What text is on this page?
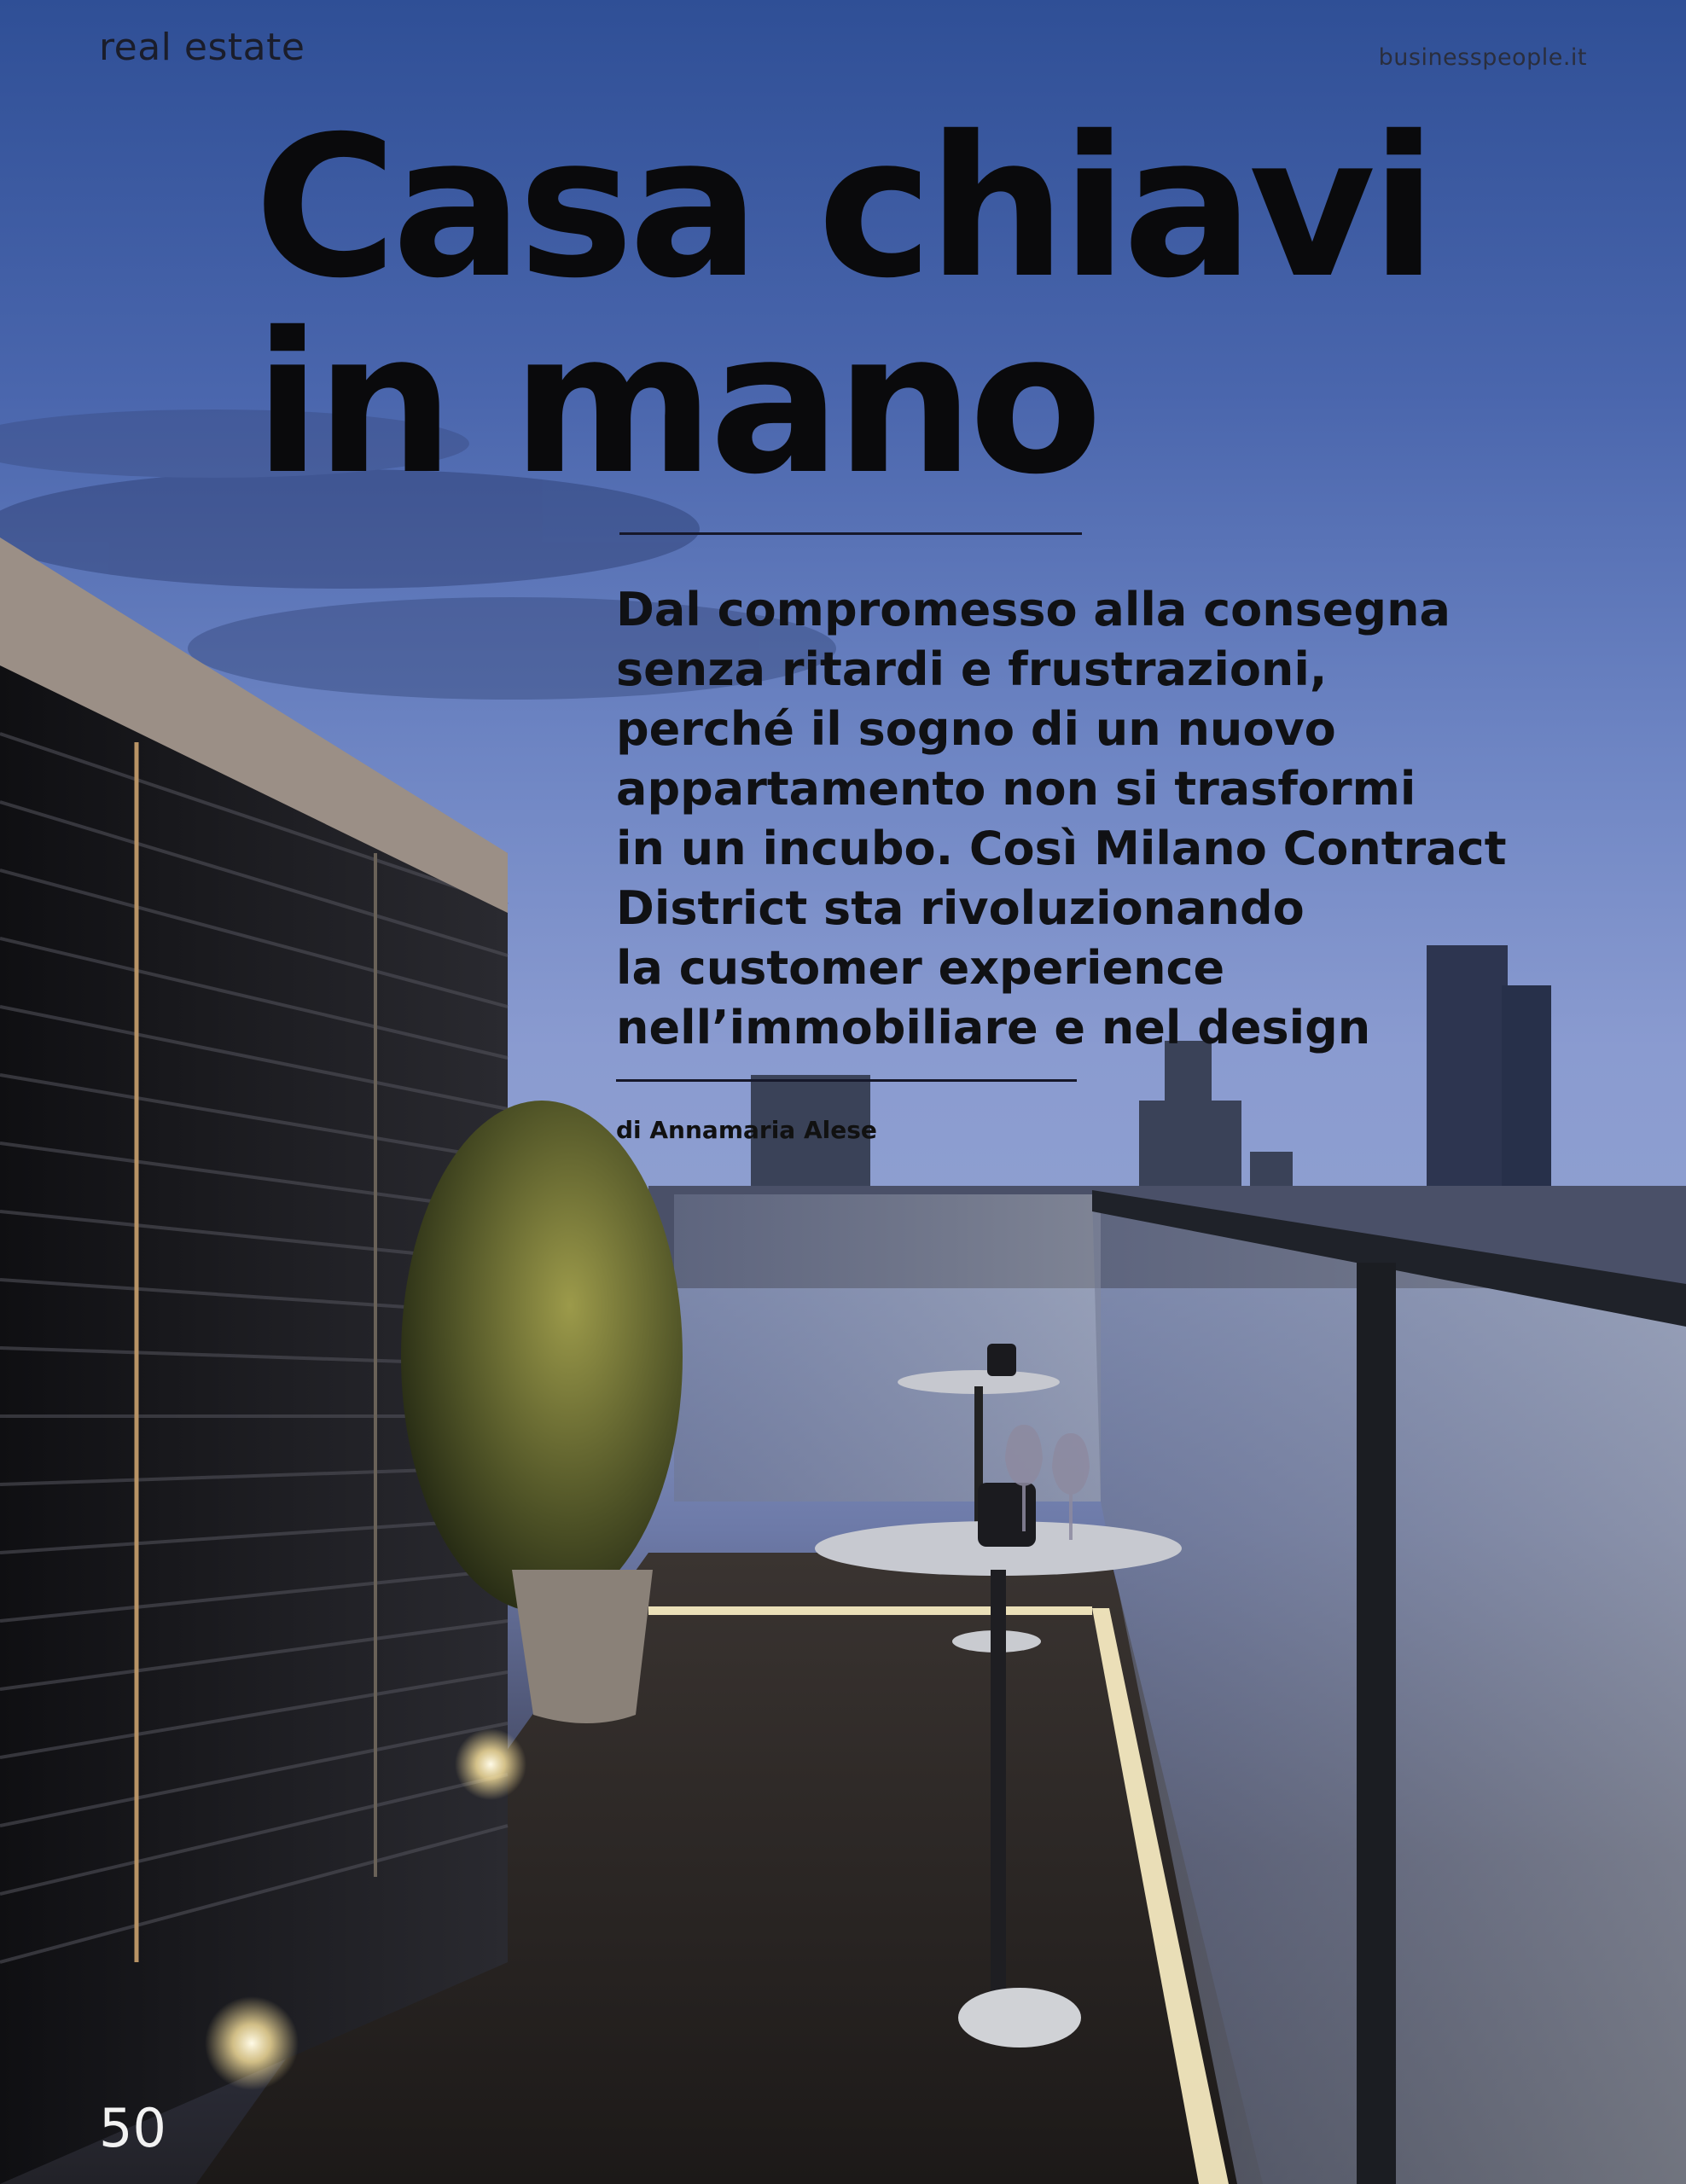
real estate	businesspeople.it
Casa chiavi
in mano

Dal compromesso alla consegna
senza ritardi e frustrazioni,
perché il sogno di un nuovo
appartamento non si trasformi
in un incubo. Così Milano Contract
District sta rivoluzionando
la customer experience
nell’immobiliare e nel design

di Annamaria Alese
50
